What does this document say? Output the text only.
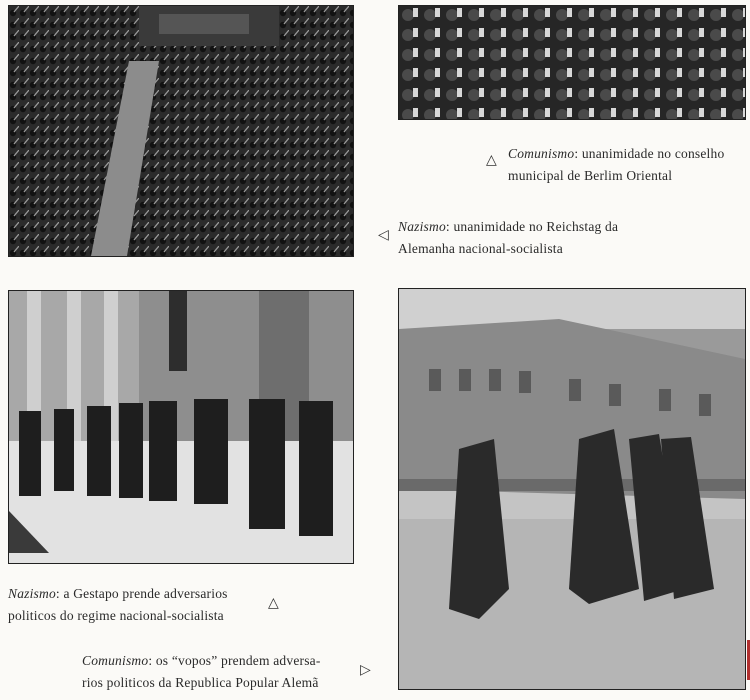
△ Comunismo: unanimidade no conselho
municipal de Berlim Oriental
◁
Nazismo: unanimidade no Reichstag da
Alemanha nacional-socialista
Nazismo: a Gestapo prende adversarios
politicos do regime nacional-socialista
△
Comunismo: os “vopos” prendem adversa-
rios politicos da Republica Popular Alemã
▷
